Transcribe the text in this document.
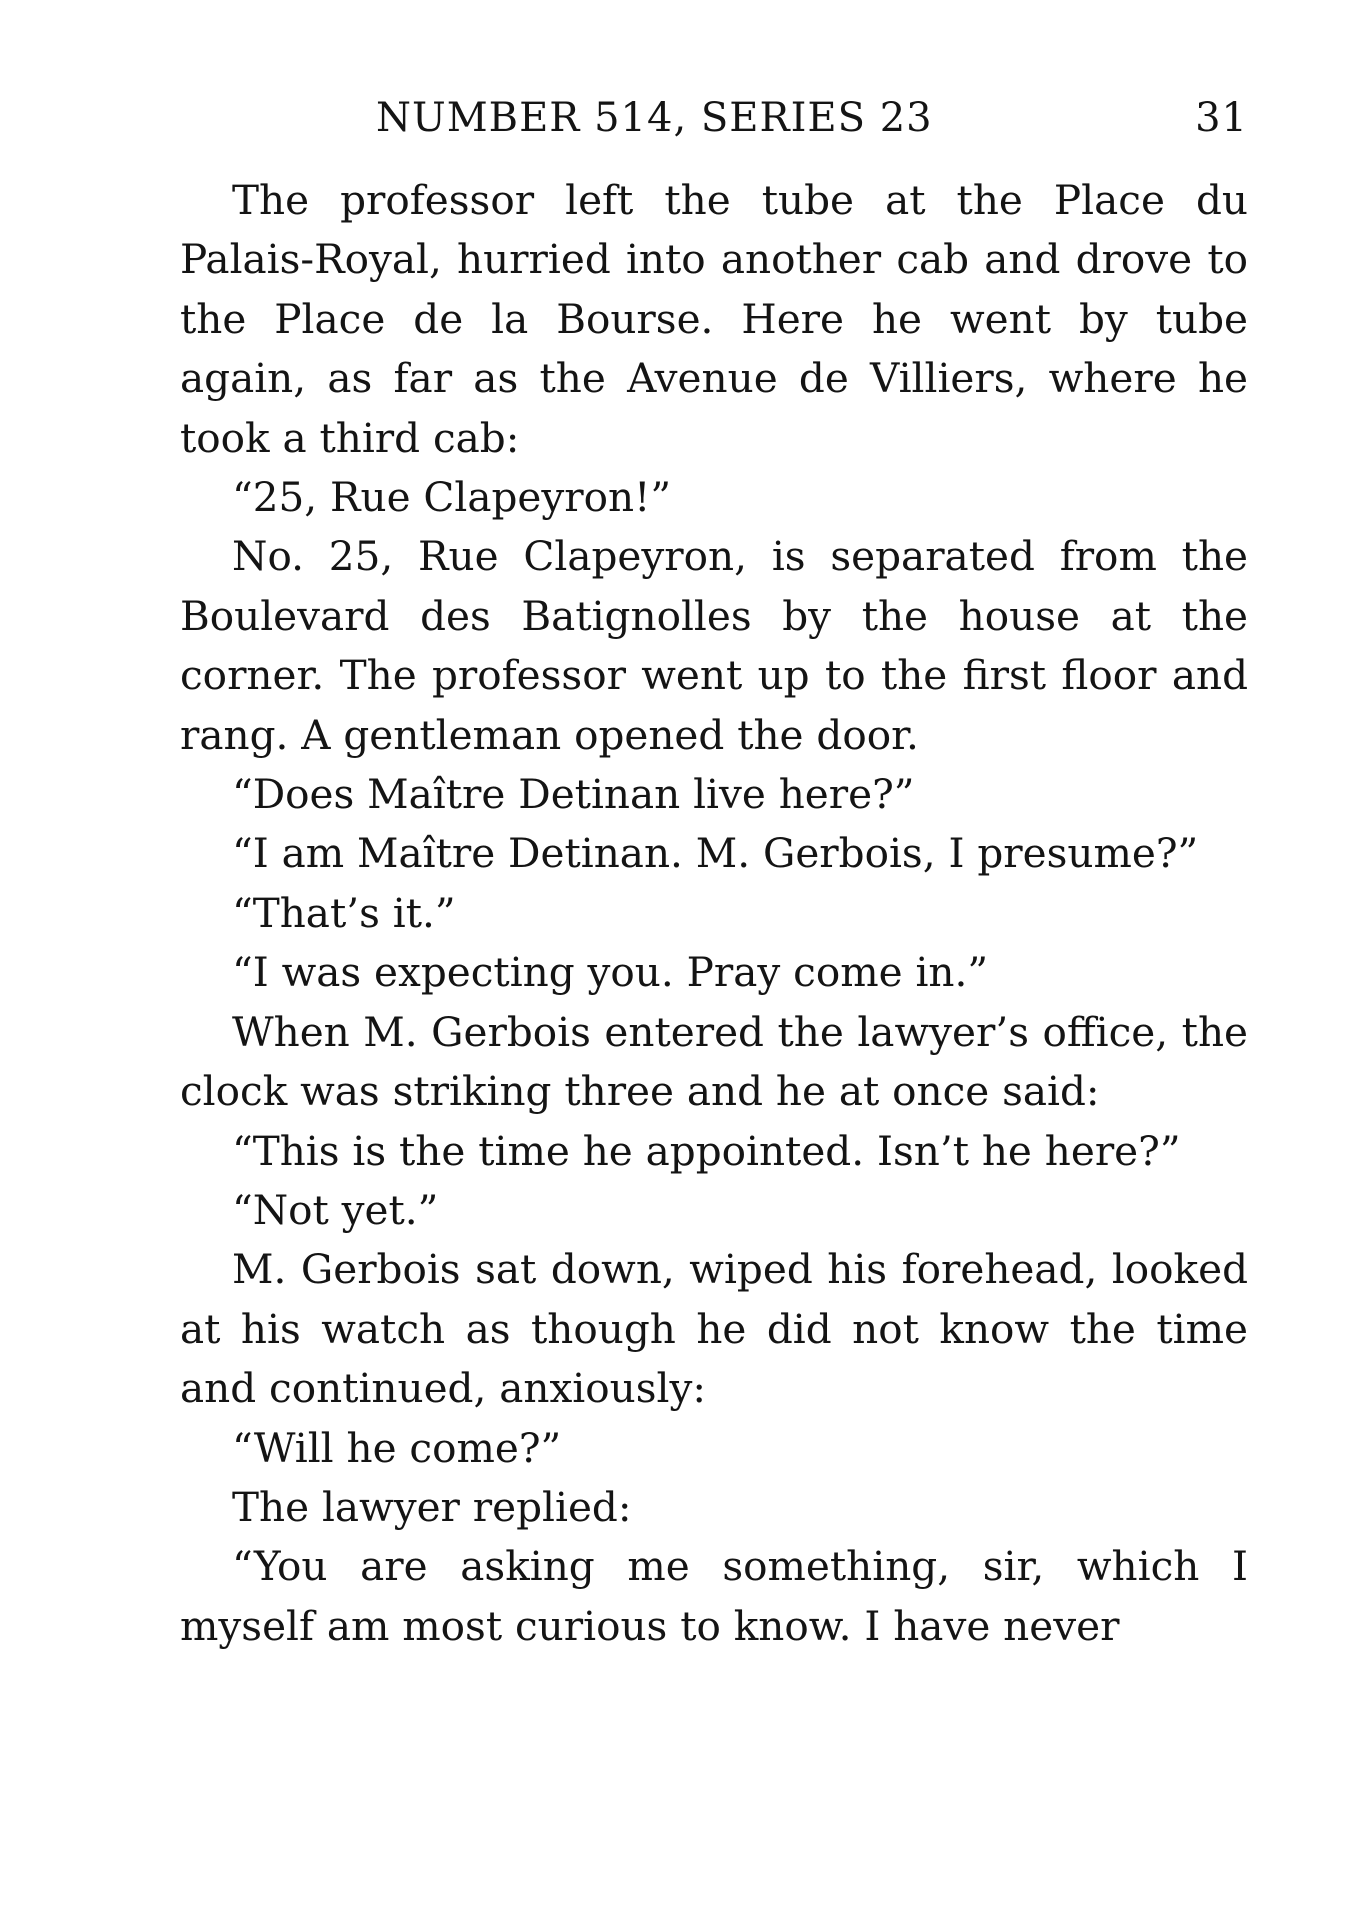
NUMBER 514, SERIES 23	31

The professor left the tube at the Place du Palais-Royal, hurried into another cab and drove to the Place de la Bourse. Here he went by tube again, as far as the Avenue de Villiers, where he took a third cab:

“25, Rue Clapeyron!”

No. 25, Rue Clapeyron, is separated from the Boulevard des Batignolles by the house at the corner. The professor went up to the first floor and rang. A gentleman opened the door.

“Does Maître Detinan live here?”

“I am Maître Detinan. M. Gerbois, I presume?”

“That’s it.”

“I was expecting you. Pray come in.”

When M. Gerbois entered the lawyer’s office, the clock was striking three and he at once said:

“This is the time he appointed. Isn’t he here?”

“Not yet.”

M. Gerbois sat down, wiped his forehead, looked at his watch as though he did not know the time and continued, anxiously:

“Will he come?”

The lawyer replied:

“You are asking me something, sir, which I myself am most curious to know. I have never
